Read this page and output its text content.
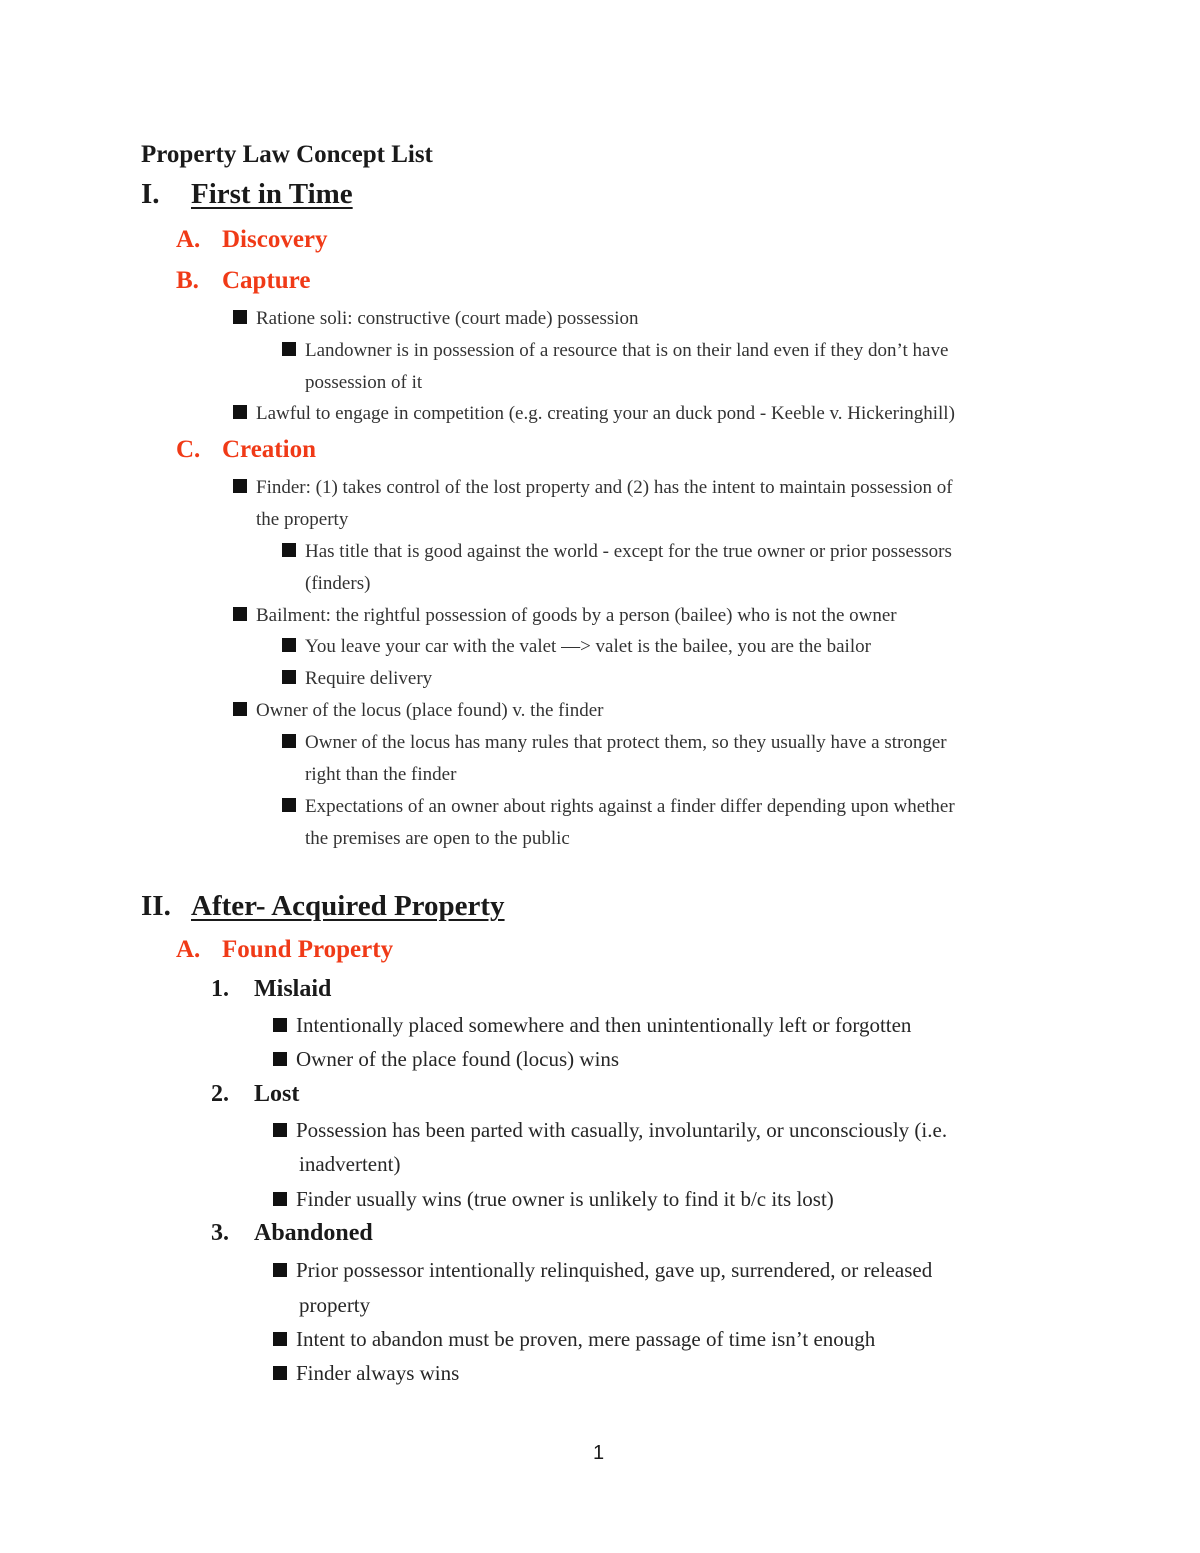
Property Law Concept List
I. First in Time
A. Discovery
B. Capture
Ratione soli: constructive (court made) possession
Landowner is in possession of a resource that is on their land even if they don’t have
possession of it
Lawful to engage in competition (e.g. creating your an duck pond - Keeble v. Hickeringhill)
C. Creation
Finder: (1) takes control of the lost property and (2) has the intent to maintain possession of
the property
Has title that is good against the world - except for the true owner or prior possessors
(finders)
Bailment: the rightful possession of goods by a person (bailee) who is not the owner
You leave your car with the valet —> valet is the bailee, you are the bailor
Require delivery
Owner of the locus (place found) v. the finder
Owner of the locus has many rules that protect them, so they usually have a stronger
right than the finder
Expectations of an owner about rights against a finder differ depending upon whether
the premises are open to the public
II. After- Acquired Property
A. Found Property
1. Mislaid
Intentionally placed somewhere and then unintentionally left or forgotten
Owner of the place found (locus) wins
2. Lost
Possession has been parted with casually, involuntarily, or unconsciously (i.e.
inadvertent)
Finder usually wins (true owner is unlikely to find it b/c its lost)
3. Abandoned
Prior possessor intentionally relinquished, gave up, surrendered, or released
property
Intent to abandon must be proven, mere passage of time isn’t enough
Finder always wins
1
